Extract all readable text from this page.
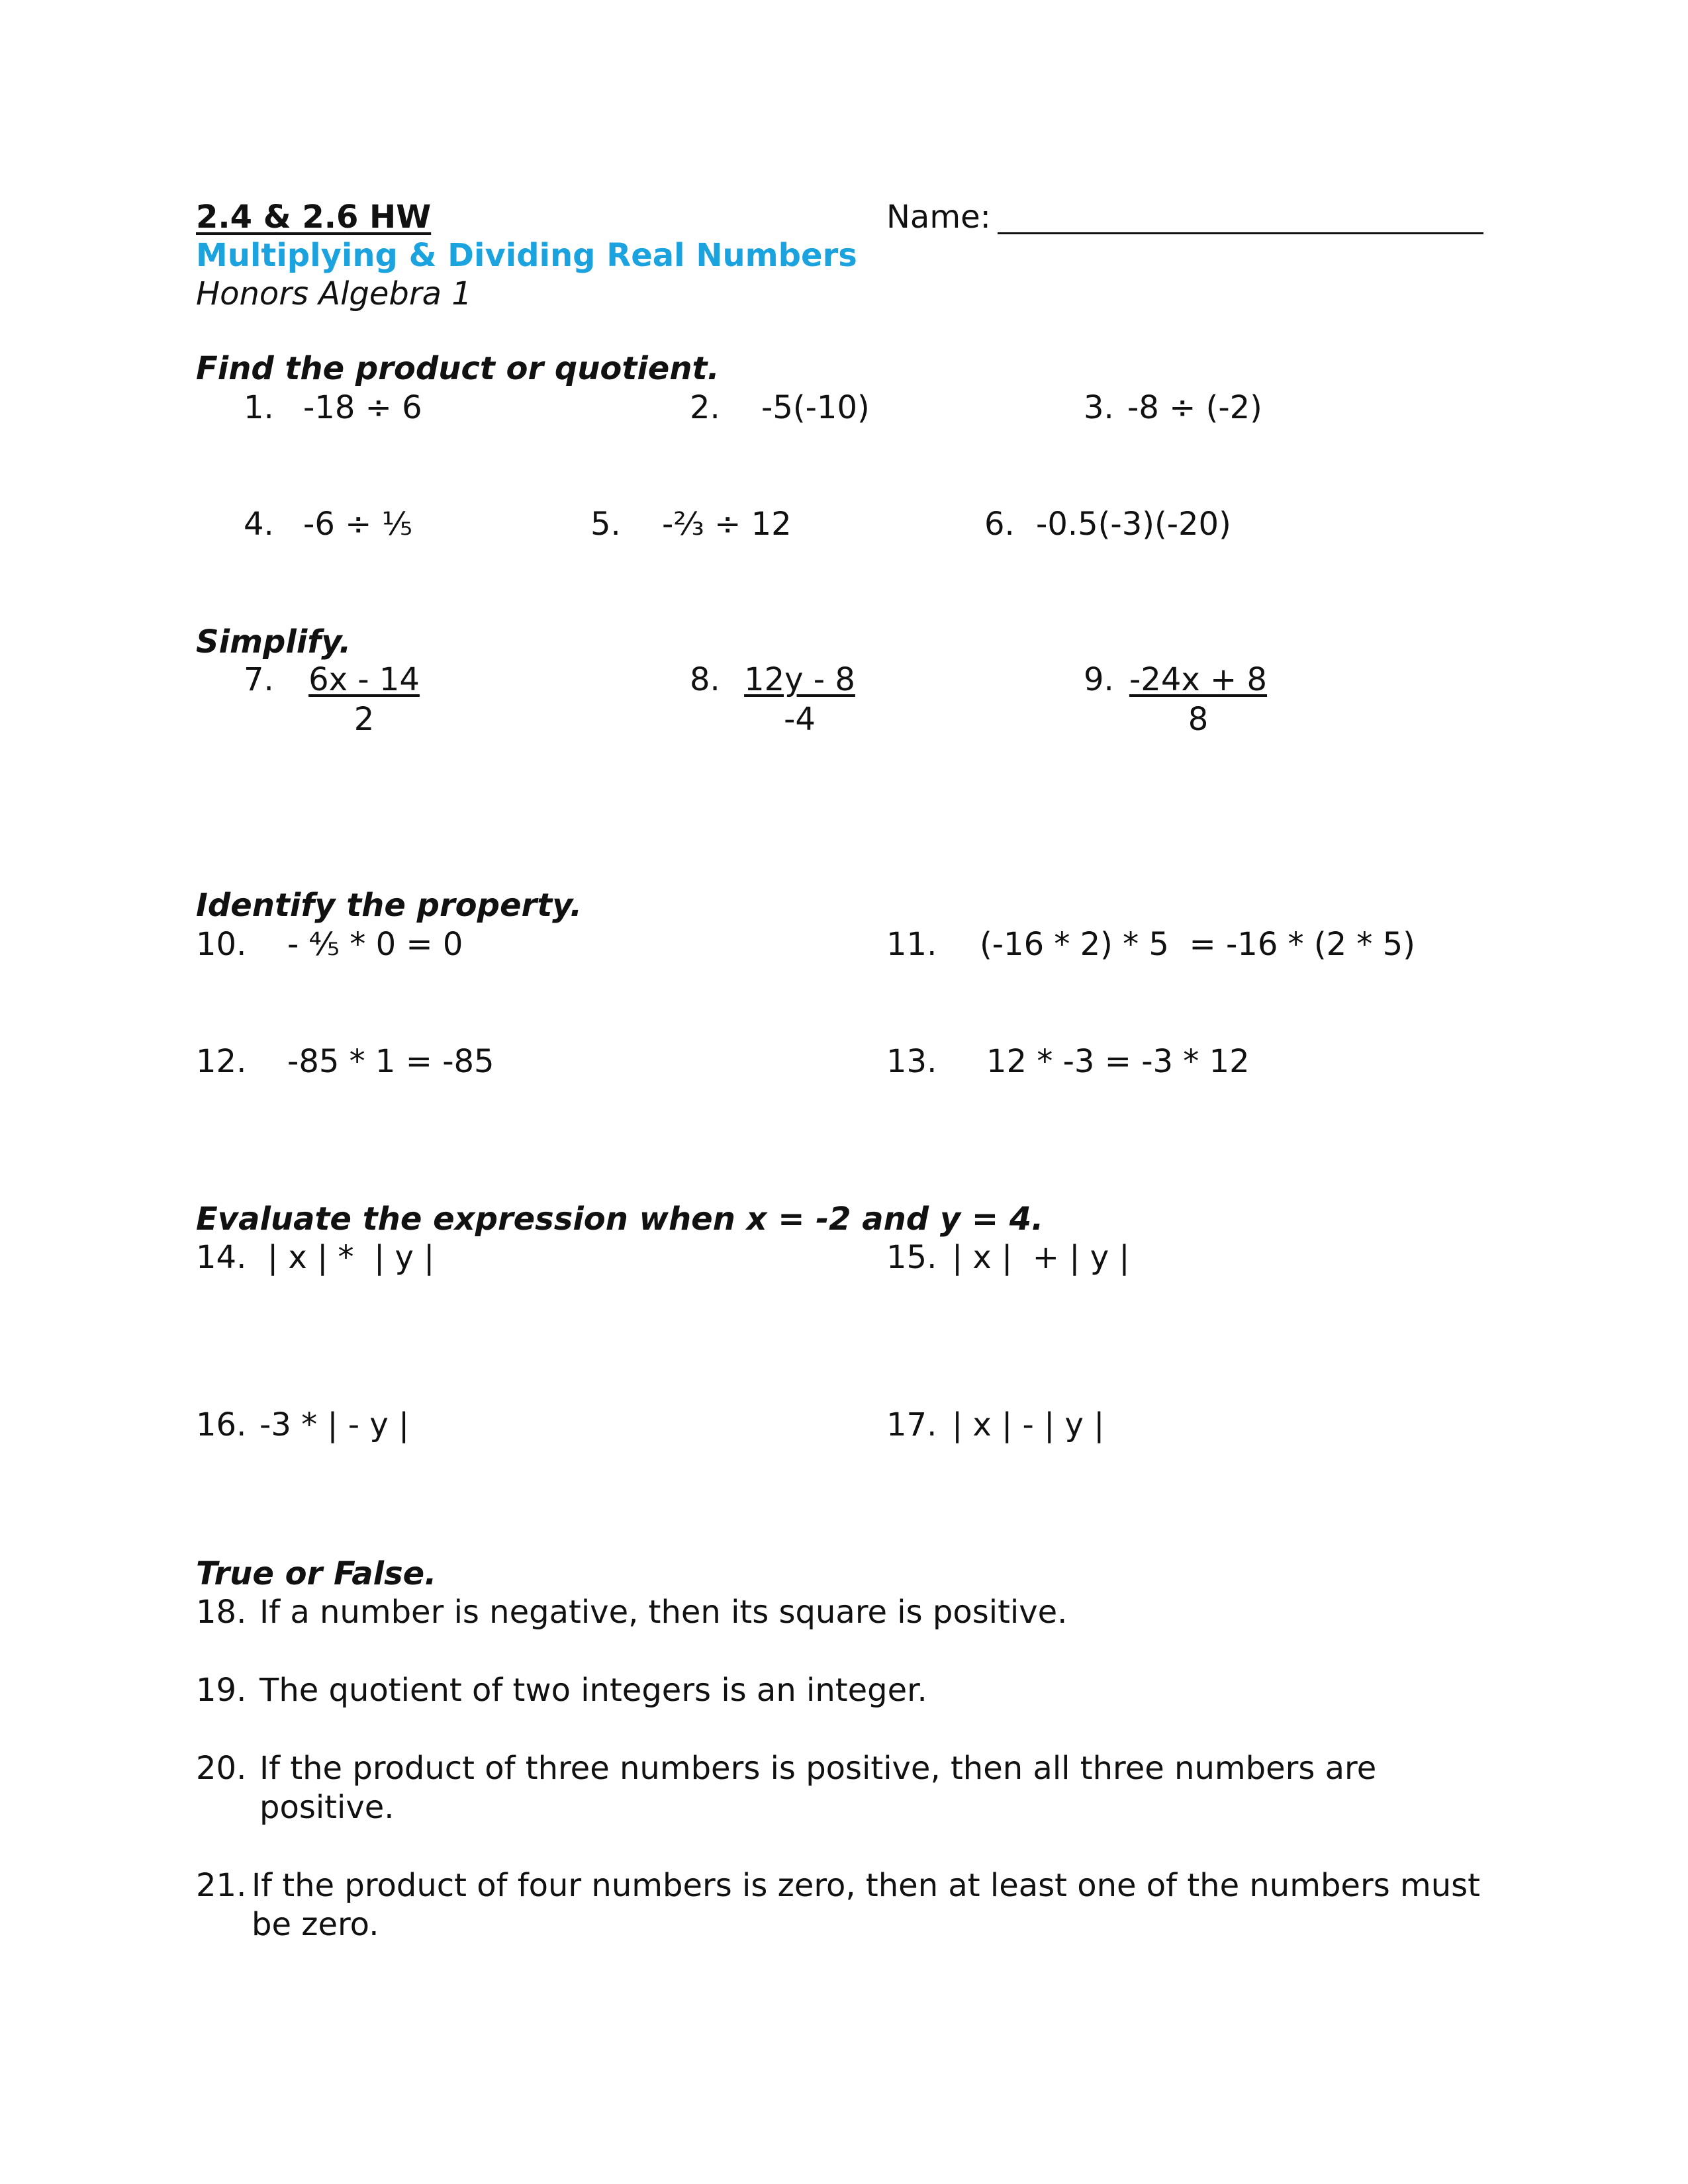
2.4 & 2.6 HW	Name:
Multiplying & Dividing Real Numbers
Honors Algebra 1
Find the product or quotient.
1. -18 ÷ 6	2. -5(-10)	3. -8 ÷ (-2)
4. -6 ÷ ⅕	5. -⅔ ÷ 12	6. -0.5(-3)(-20)
Simplify.
7. $\frac{6x - 14}{2}$	8. $\frac{12y - 8}{-4}$	9. $\frac{-24x + 8}{8}$
Identify the property.
10. - ⅘ * 0 = 0	11. (-16 * 2) * 5  = -16 * (2 * 5)
12. -85 * 1 = -85	13. 12 * -3 = -3 * 12
Evaluate the expression when x = -2 and y = 4.
14. | x | *  | y |	15. | x |  + | y |
16. -3 * | - y |	17. | x | - | y |
True or False.
18. If a number is negative, then its square is positive.
19. The quotient of two integers is an integer.
20. If the product of three numbers is positive, then all three numbers are
positive.
21. If the product of four numbers is zero, then at least one of the numbers must
be zero.
